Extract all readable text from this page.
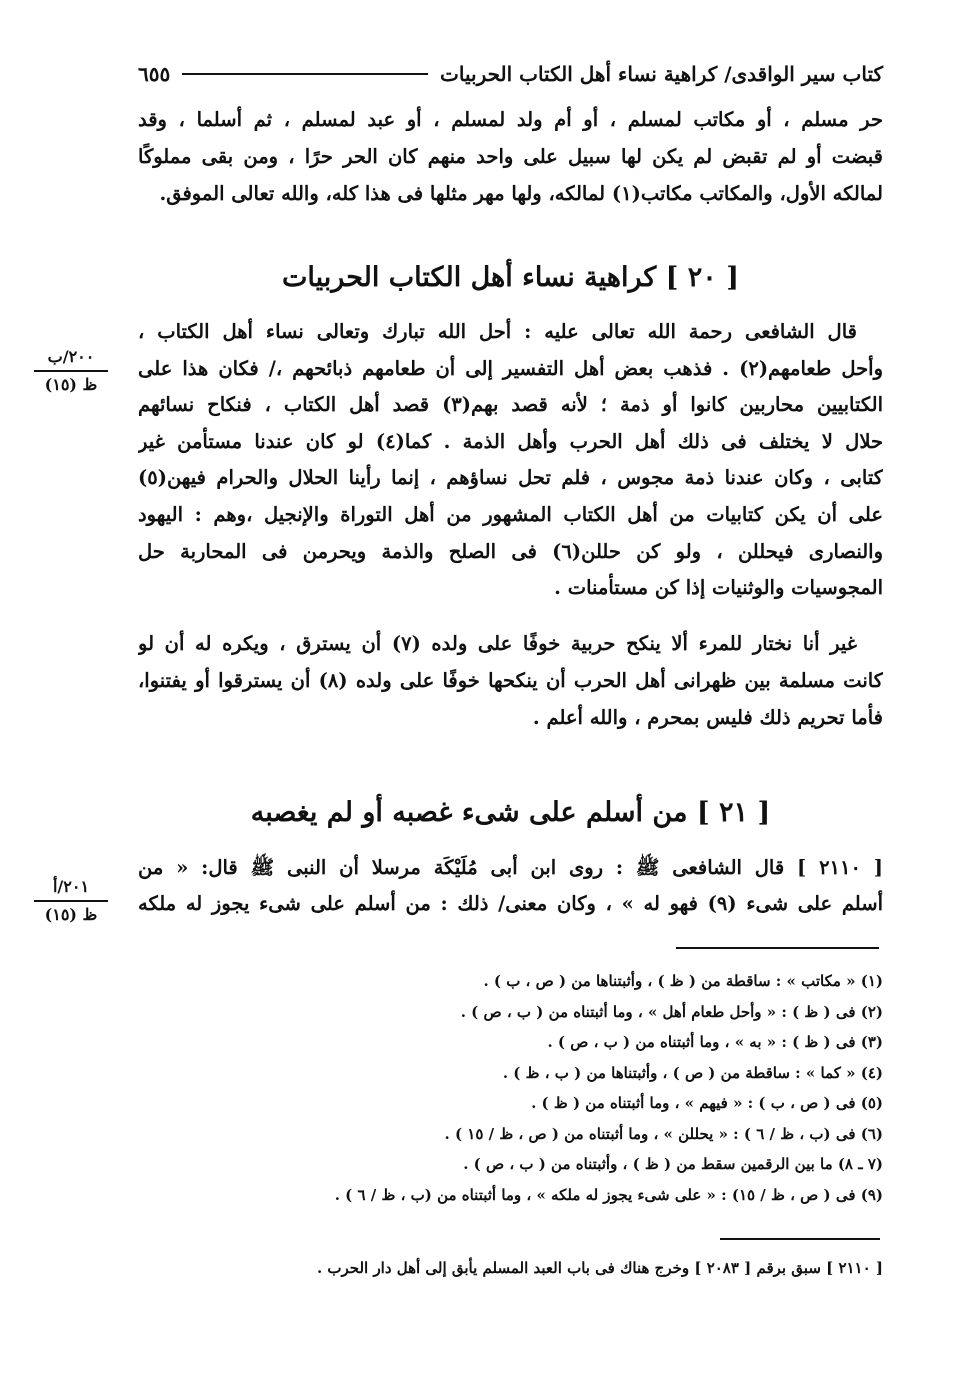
كتاب سير الواقدى/ كراهية نساء أهل الكتاب الحربيات
٦٥٥
حر مسلم ، أو مكاتب لمسلم ، أو أم ولد لمسلم ، أو عبد لمسلم ، ثم أسلما ، وقد
قبضت أو لم تقبض لم يكن لها سبيل على واحد منهم كان الحر حرًا ، ومن بقى مملوكًا
لمالكه الأول، والمكاتب مكاتب(١) لمالكه، ولها مهر مثلها فى هذا كله، والله تعالى الموفق.
[ ٢٠ ] كراهية نساء أهل الكتاب الحربيات
قال الشافعى رحمة الله تعالى عليه : أحل الله تبارك وتعالى نساء أهل الكتاب ،
وأحل طعامهم(٢) . فذهب بعض أهل التفسير إلى أن طعامهم ذبائحهم ،/ فكان هذا على
الكتابيين محاربين كانوا أو ذمة ؛ لأنه قصد بهم(٣) قصد أهل الكتاب ، فنكاح نسائهم
حلال لا يختلف فى ذلك أهل الحرب وأهل الذمة . كما(٤) لو كان عندنا مستأمن غير
كتابى ، وكان عندنا ذمة مجوس ، فلم تحل نساؤهم ، إنما رأينا الحلال والحرام فيهن(٥)
على أن يكن كتابيات من أهل الكتاب المشهور من أهل التوراة والإنجيل ،وهم : اليهود
والنصارى فيحللن ، ولو كن حللن(٦) فى الصلح والذمة ويحرمن فى المحاربة حل
المجوسيات والوثنيات إذا كن مستأمنات .
٢٠٠/ب
ظ (١٥)
غير أنا نختار للمرء ألا ينكح حربية خوفًا على ولده (٧) أن يسترق ، ويكره له أن لو
كانت مسلمة بين ظهرانى أهل الحرب أن ينكحها خوفًا على ولده (٨) أن يسترقوا أو يفتنوا،
فأما تحريم ذلك فليس بمحرم ، والله أعلم .
[ ٢١ ] من أسلم على شىء غصبه أو لم يغصبه
[ ٢١١٠ ] قال الشافعى ﷺ : روى ابن أبى مُلَيْكَة مرسلا أن النبى ﷺ قال: « من
أسلم على شىء (٩) فهو له » ، وكان معنى/ ذلك : من أسلم على شىء يجوز له ملكه
٢٠١/أ
ظ (١٥)
(١) « مكاتب » : ساقطة من ( ظ ) ، وأثبتناها من ( ص ، ب ) .
(٢) فى ( ظ ) : « وأحل طعام أهل » ، وما أثبتناه من ( ب ، ص ) .
(٣) فى ( ظ ) : « به » ، وما أثبتناه من ( ب ، ص ) .
(٤) « كما » : ساقطة من ( ص ) ، وأثبتناها من ( ب ، ظ ) .
(٥) فى ( ص ، ب ) : « فيهم » ، وما أثبتناه من ( ظ ) .
(٦) فى (ب ، ظ / ٦ ) : « يحللن » ، وما أثبتناه من ( ص ، ظ / ١٥ ) .
(٧ ـ ٨) ما بين الرقمين سقط من ( ظ ) ، وأثبتناه من ( ب ، ص ) .
(٩) فى ( ص ، ظ / ١٥) : « على شىء يجوز له ملكه » ، وما أثبتناه من (ب ، ظ / ٦ ) .
[ ٢١١٠ ] سبق برقم [ ٢٠٨٣ ] وخرج هناك فى باب العبد المسلم يأبق إلى أهل دار الحرب .
